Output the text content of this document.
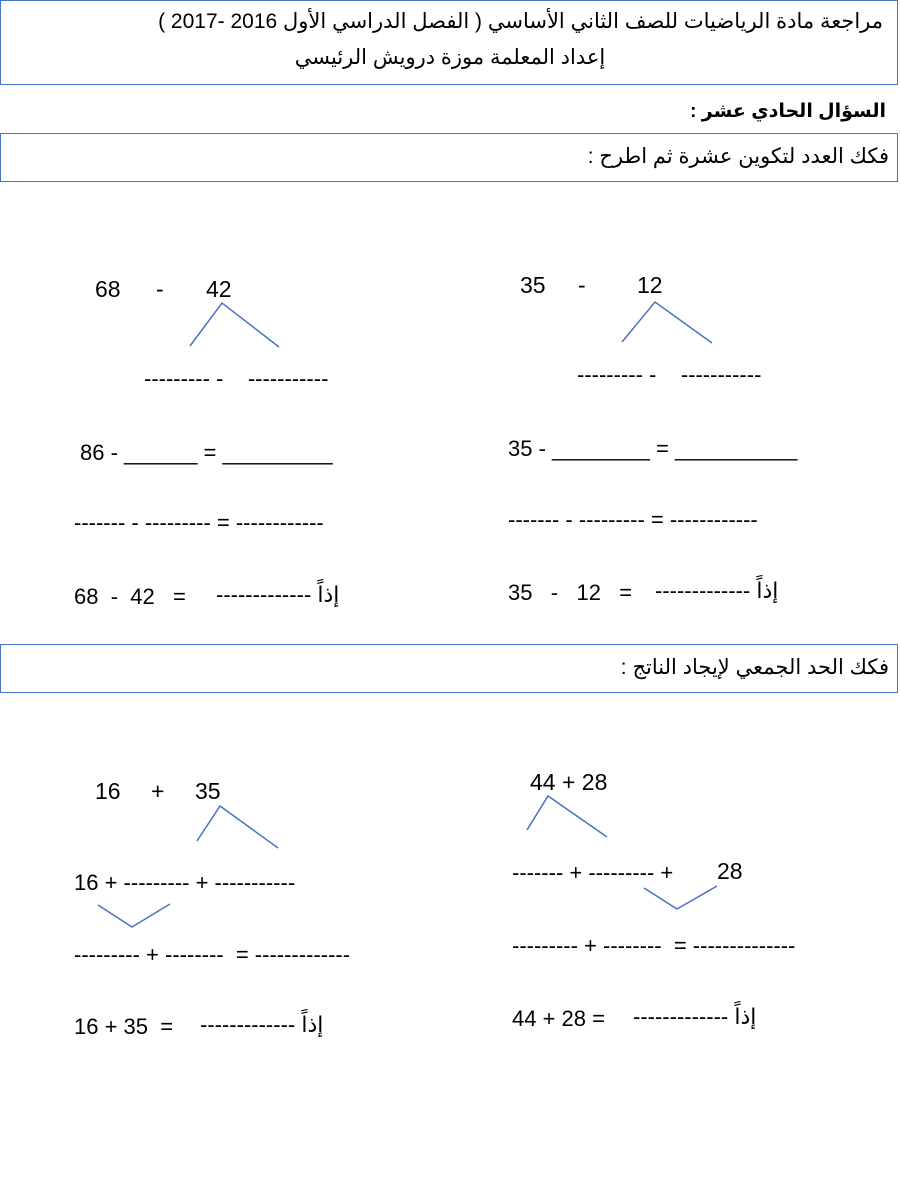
مراجعة مادة الرياضيات للصف الثاني الأساسي ( الفصل الدراسي الأول 2016 -2017 )
إعداد المعلمة موزة درويش الرئيسي
السؤال الحادي عشر :
فكك العدد لتكوين عشرة ثم اطرح :
35 - 12
--------- -    -----------
35 - ________ = __________
------- - --------- = ------------
35   -   12   = إذاً -------------
68 - 42
--------- -    -----------
86 - ______ = _________
------- - --------- = ------------
68  -  42   = إذاً -------------
فكك الحد الجمعي لإيجاد الناتج :
44 + 28
------- + --------- + 28
--------- + --------  = --------------
44 + 28 = إذاً -------------
16 + 35
16 + --------- + -----------
--------- + --------  = -------------
16 + 35  = إذاً -------------
